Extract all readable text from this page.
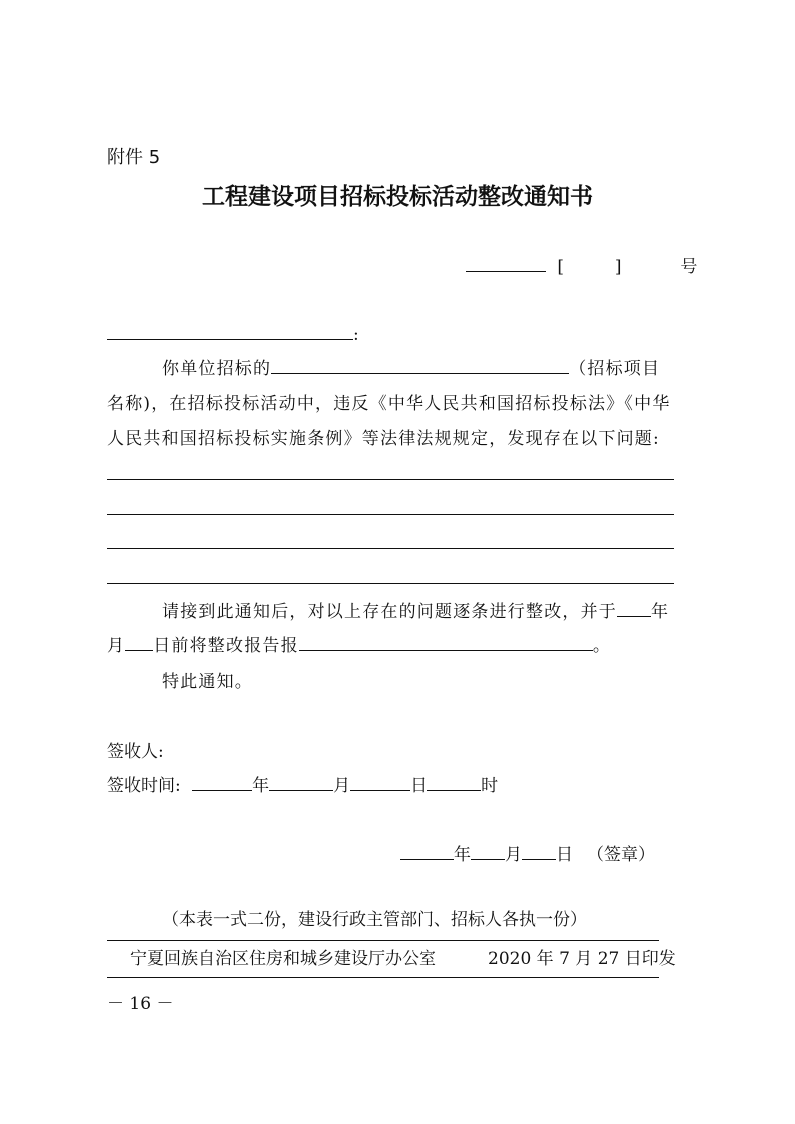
附件 5
工程建设项目招标投标活动整改通知书
[	]	号
:
你单位招标的	（招标项目
名称)，在招标投标活动中，违反《中华人民共和国招标投标法》《中华
人民共和国招标投标实施条例》等法律法规规定，发现存在以下问题:
请接到此通知后，对以上存在的问题逐条进行整改，并于 年
月 日前将整改报告报	。
特此通知。
签收人:
签收时间:	年	月	日	时
年 月 日 （签章）
（本表一式二份，建设行政主管部门、招标人各执一份）
宁夏回族自治区住房和城乡建设厅办公室	2020 年 7 月 27 日印发
－ 16 －
